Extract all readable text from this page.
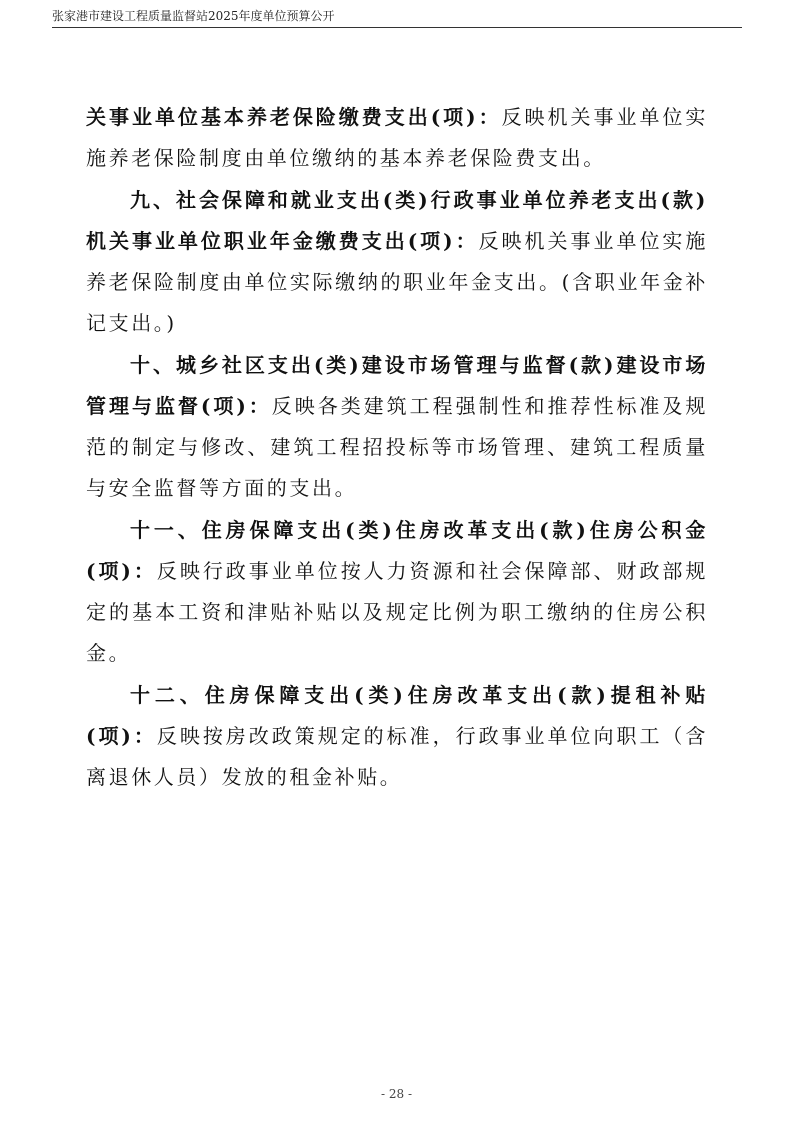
张家港市建设工程质量监督站2025年度单位预算公开

关事业单位基本养老保险缴费支出(项)：反映机关事业单位实施养老保险制度由单位缴纳的基本养老保险费支出。

九、社会保障和就业支出(类)行政事业单位养老支出(款)机关事业单位职业年金缴费支出(项)：反映机关事业单位实施养老保险制度由单位实际缴纳的职业年金支出。(含职业年金补记支出。)

十、城乡社区支出(类)建设市场管理与监督(款)建设市场管理与监督(项)：反映各类建筑工程强制性和推荐性标准及规范的制定与修改、建筑工程招投标等市场管理、建筑工程质量与安全监督等方面的支出。

十一、住房保障支出(类)住房改革支出(款)住房公积金(项)：反映行政事业单位按人力资源和社会保障部、财政部规定的基本工资和津贴补贴以及规定比例为职工缴纳的住房公积金。

十二、住房保障支出(类)住房改革支出(款)提租补贴(项)：反映按房改政策规定的标准，行政事业单位向职工（含离退休人员）发放的租金补贴。

- 28 -
